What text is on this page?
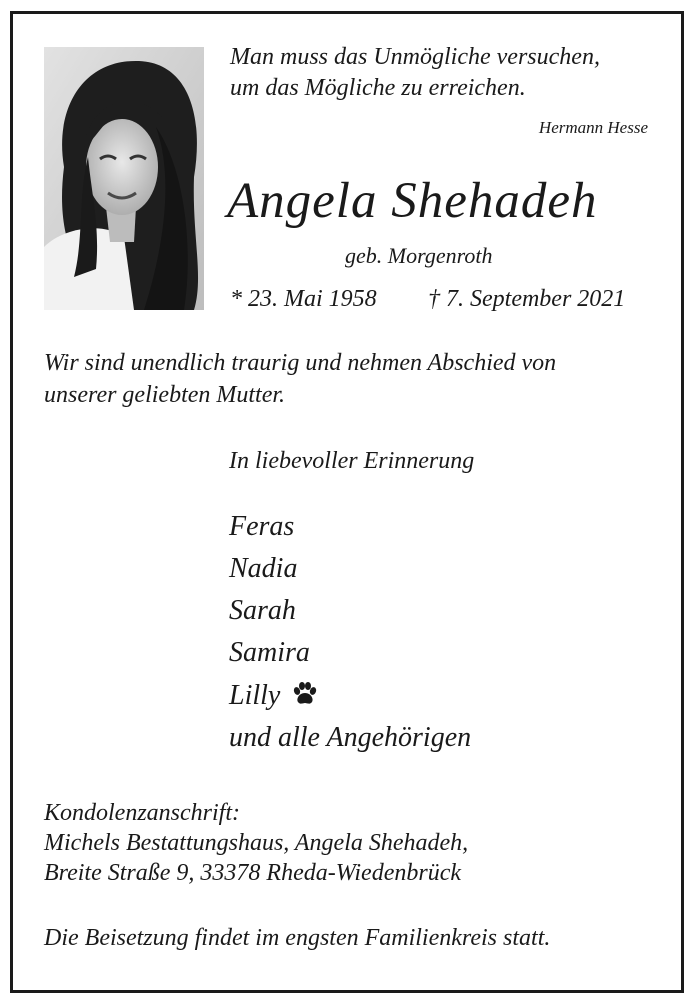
Man muss das Unmögliche versuchen,
um das Mögliche zu erreichen.
Hermann Hesse
Angela Shehadeh
geb. Morgenroth
* 23. Mai 1958 † 7. September 2021
Wir sind unendlich traurig und nehmen Abschied von
unserer geliebten Mutter.
In liebevoller Erinnerung
Feras
Nadia
Sarah
Samira
Lilly
und alle Angehörigen
Kondolenzanschrift:
Michels Bestattungshaus, Angela Shehadeh,
Breite Straße 9, 33378 Rheda-Wiedenbrück
Die Beisetzung findet im engsten Familienkreis statt.
